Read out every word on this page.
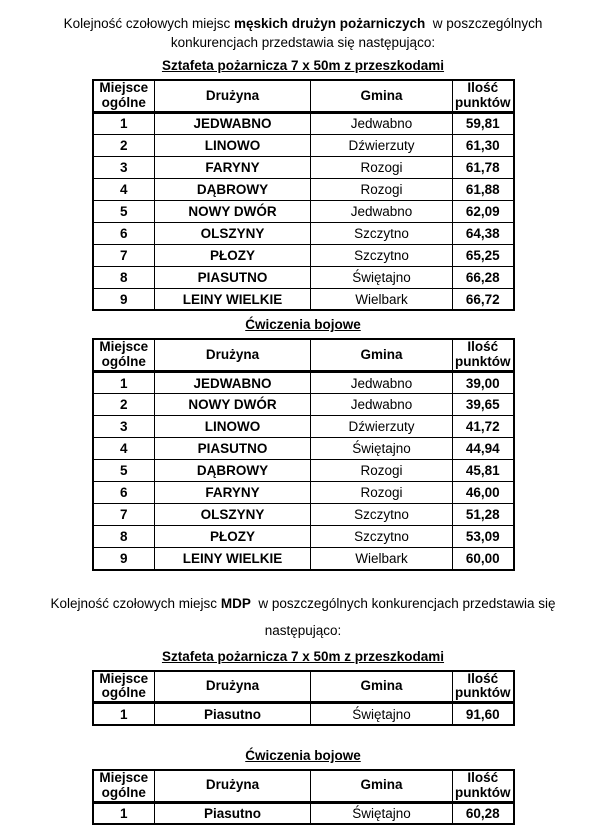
Kolejność czołowych miejsc męskich drużyn pożarniczych w poszczególnych konkurencjach przedstawia się następująco:

Sztafeta pożarnicza 7 x 50m z przeszkodami
Miejsce ogólne	Drużyna	Gmina	Ilość punktów
1	JEDWABNO	Jedwabno	59,81
2	LINOWO	Dźwierzuty	61,30
3	FARYNY	Rozogi	61,78
4	DĄBROWY	Rozogi	61,88
5	NOWY DWÓR	Jedwabno	62,09
6	OLSZYNY	Szczytno	64,38
7	PŁOZY	Szczytno	65,25
8	PIASUTNO	Świętajno	66,28
9	LEINY WIELKIE	Wielbark	66,72
Ćwiczenia bojowe
Miejsce ogólne	Drużyna	Gmina	Ilość punktów
1	JEDWABNO	Jedwabno	39,00
2	NOWY DWÓR	Jedwabno	39,65
3	LINOWO	Dźwierzuty	41,72
4	PIASUTNO	Świętajno	44,94
5	DĄBROWY	Rozogi	45,81
6	FARYNY	Rozogi	46,00
7	OLSZYNY	Szczytno	51,28
8	PŁOZY	Szczytno	53,09
9	LEINY WIELKIE	Wielbark	60,00

Kolejność czołowych miejsc MDP w poszczególnych konkurencjach przedstawia się następująco:

Sztafeta pożarnicza 7 x 50m z przeszkodami
Miejsce ogólne	Drużyna	Gmina	Ilość punktów
1	Piasutno	Świętajno	91,60
Ćwiczenia bojowe
Miejsce ogólne	Drużyna	Gmina	Ilość punktów
1	Piasutno	Świętajno	60,28
